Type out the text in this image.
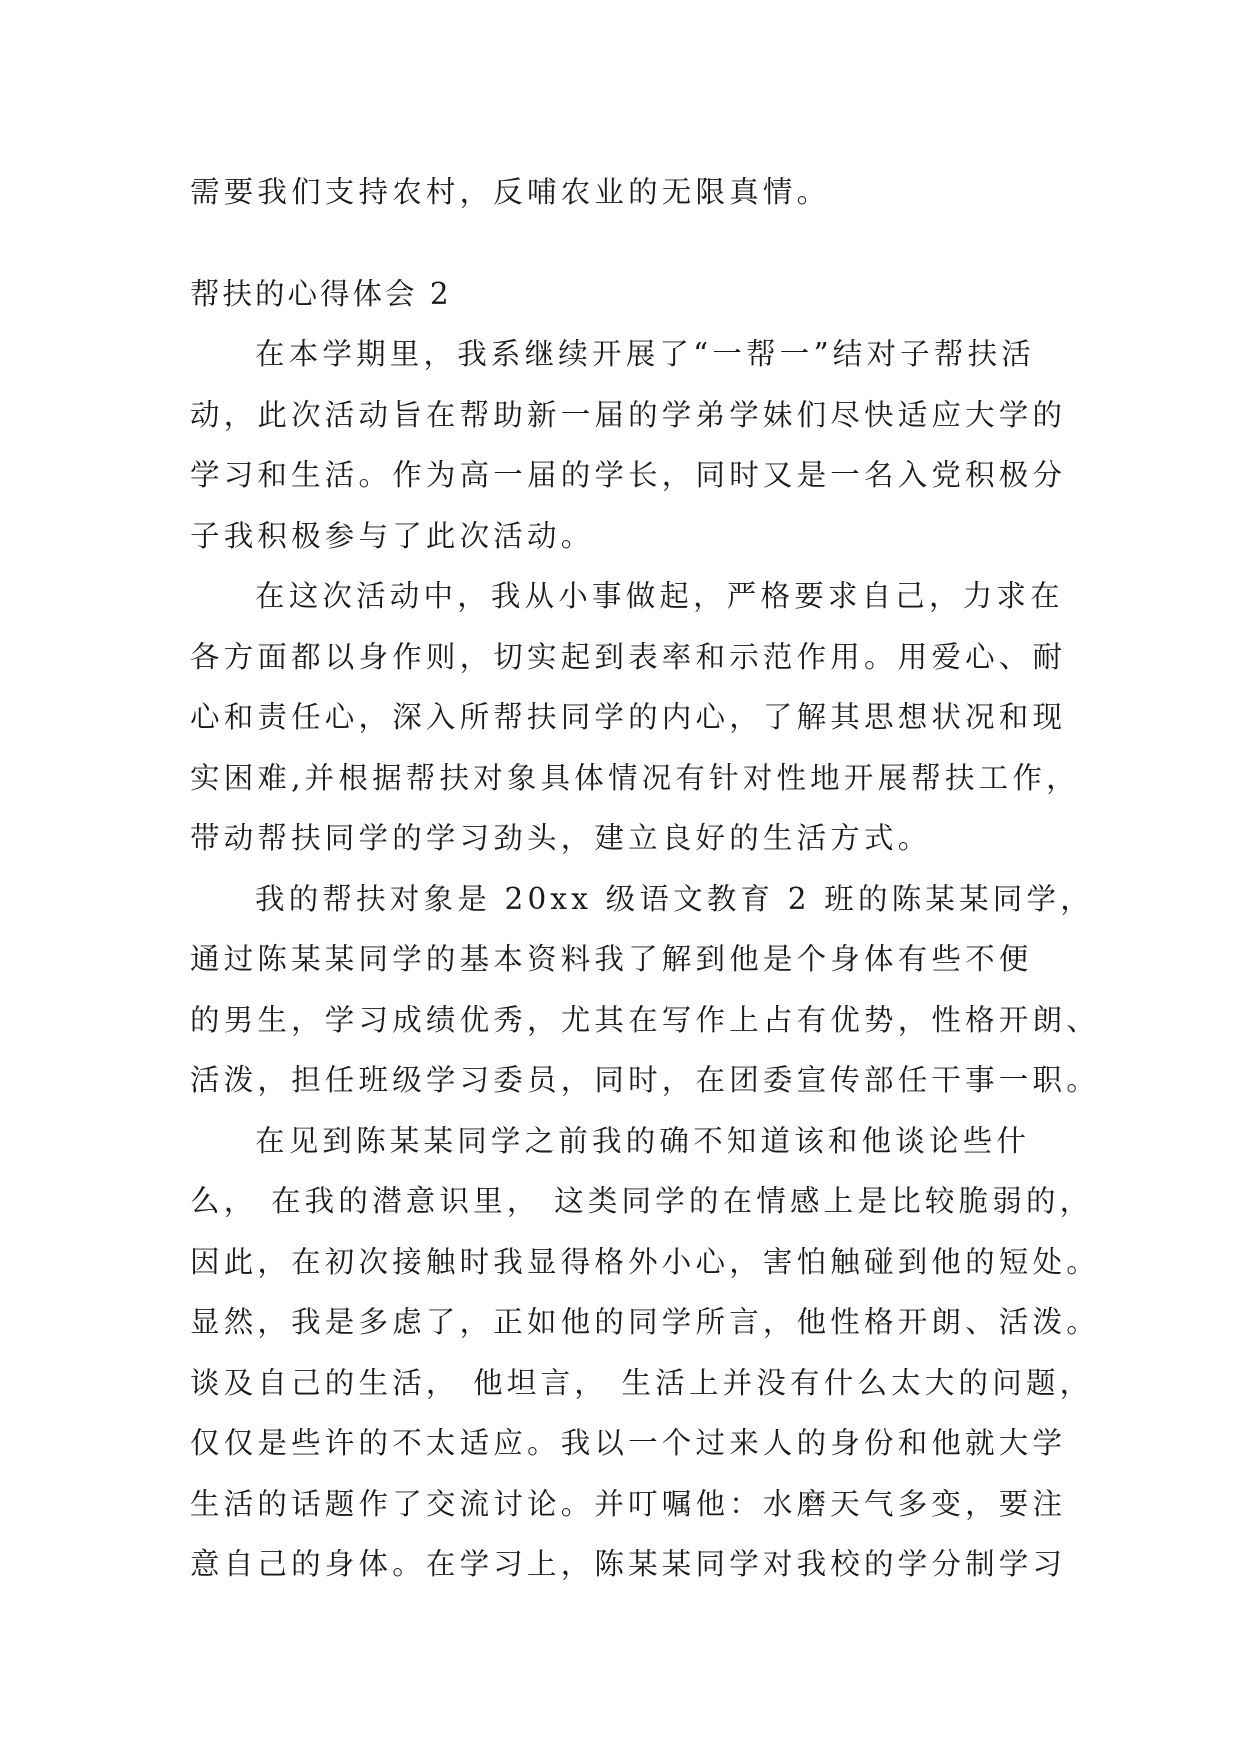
需要我们支持农村，反哺农业的无限真情。
帮扶的心得体会 2
在本学期里，我系继续开展了“一帮一”结对子帮扶活
动，此次活动旨在帮助新一届的学弟学妹们尽快适应大学的
学习和生活。作为高一届的学长，同时又是一名入党积极分
子我积极参与了此次活动。
在这次活动中，我从小事做起，严格要求自己，力求在
各方面都以身作则，切实起到表率和示范作用。用爱心、耐
心和责任心，深入所帮扶同学的内心，了解其思想状况和现
实困难,并根据帮扶对象具体情况有针对性地开展帮扶工作，
带动帮扶同学的学习劲头，建立良好的生活方式。
我的帮扶对象是 20xx 级语文教育 2 班的陈某某同学，
通过陈某某同学的基本资料我了解到他是个身体有些不便
的男生，学习成绩优秀，尤其在写作上占有优势，性格开朗、
活泼，担任班级学习委员，同时，在团委宣传部任干事一职。
在见到陈某某同学之前我的确不知道该和他谈论些什
么， 在我的潜意识里， 这类同学的在情感上是比较脆弱的，
因此，在初次接触时我显得格外小心，害怕触碰到他的短处。
显然，我是多虑了，正如他的同学所言，他性格开朗、活泼。
谈及自己的生活， 他坦言， 生活上并没有什么太大的问题，
仅仅是些许的不太适应。我以一个过来人的身份和他就大学
生活的话题作了交流讨论。并叮嘱他：水磨天气多变，要注
意自己的身体。在学习上，陈某某同学对我校的学分制学习
